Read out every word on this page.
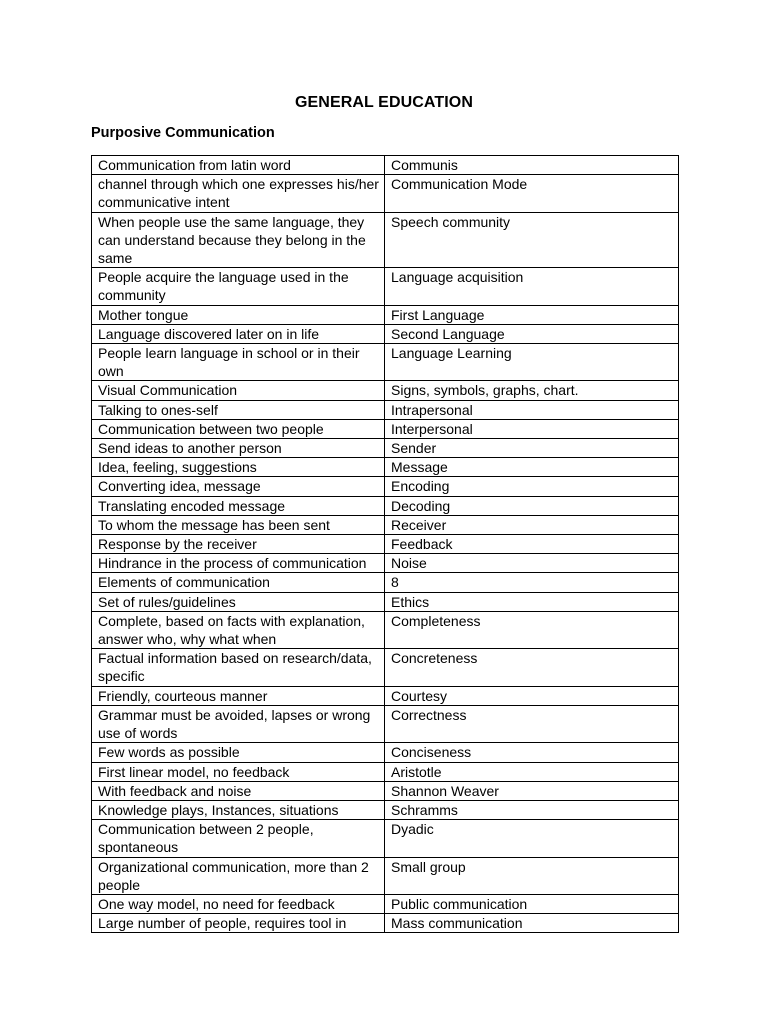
GENERAL EDUCATION
Purposive Communication
Communication from latin word	Communis
channel through which one expresses his/her communicative intent	Communication Mode
When people use the same language, they can understand because they belong in the same	Speech community
People acquire the language used in the community	Language acquisition
Mother tongue	First Language
Language discovered later on in life	Second Language
People learn language in school or in their own	Language Learning
Visual Communication	Signs, symbols, graphs, chart.
Talking to ones-self	Intrapersonal
Communication between two people	Interpersonal
Send ideas to another person	Sender
Idea, feeling, suggestions	Message
Converting idea, message	Encoding
Translating encoded message	Decoding
To whom the message has been sent	Receiver
Response by the receiver	Feedback
Hindrance in the process of communication	Noise
Elements of communication	8
Set of rules/guidelines	Ethics
Complete, based on facts with explanation, answer who, why what when	Completeness
Factual information based on research/data, specific	Concreteness
Friendly, courteous manner	Courtesy
Grammar must be avoided, lapses or wrong use of words	Correctness
Few words as possible	Conciseness
First linear model, no feedback	Aristotle
With feedback and noise	Shannon Weaver
Knowledge plays, Instances, situations	Schramms
Communication between 2 people, spontaneous	Dyadic
Organizational communication, more than 2 people	Small group
One way model, no need for feedback	Public communication
Large number of people, requires tool in	Mass communication
